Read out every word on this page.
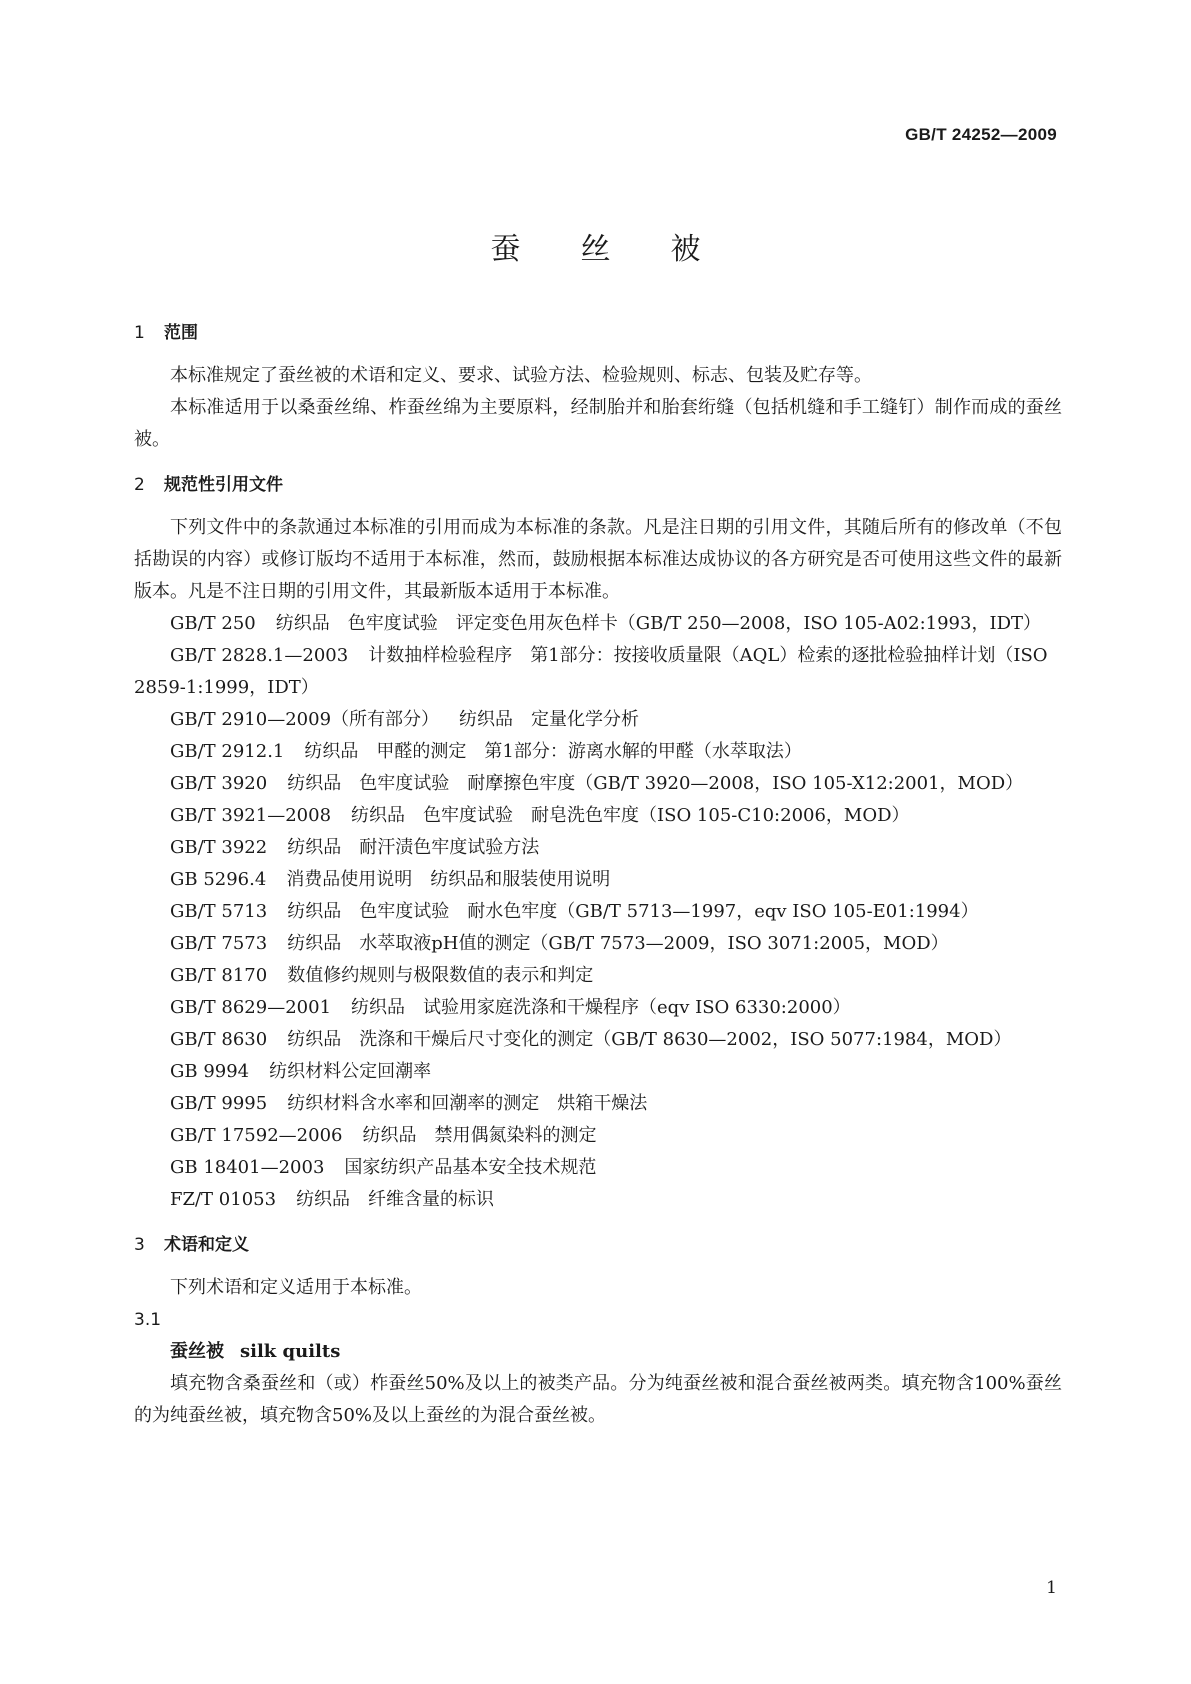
GB/T 24252—2009
蚕丝被
1 范围

本标准规定了蚕丝被的术语和定义、要求、试验方法、检验规则、标志、包装及贮存等。

本标准适用于以桑蚕丝绵、柞蚕丝绵为主要原料，经制胎并和胎套绗缝（包括机缝和手工缝钉）制作而成的蚕丝被。

2 规范性引用文件

下列文件中的条款通过本标准的引用而成为本标准的条款。凡是注日期的引用文件，其随后所有的修改单（不包括勘误的内容）或修订版均不适用于本标准，然而，鼓励根据本标准达成协议的各方研究是否可使用这些文件的最新版本。凡是不注日期的引用文件，其最新版本适用于本标准。

GB/T 250 纺织品　色牢度试验　评定变色用灰色样卡（GB/T 250—2008，ISO 105-A02:1993，IDT）

GB/T 2828.1—2003 计数抽样检验程序　第1部分：按接收质量限（AQL）检索的逐批检验抽样计划（ISO 2859-1:1999，IDT）

GB/T 2910—2009（所有部分） 纺织品　定量化学分析

GB/T 2912.1 纺织品　甲醛的测定　第1部分：游离水解的甲醛（水萃取法）

GB/T 3920 纺织品　色牢度试验　耐摩擦色牢度（GB/T 3920—2008，ISO 105-X12:2001，MOD）

GB/T 3921—2008 纺织品　色牢度试验　耐皂洗色牢度（ISO 105-C10:2006，MOD）

GB/T 3922 纺织品　耐汗渍色牢度试验方法

GB 5296.4 消费品使用说明　纺织品和服装使用说明

GB/T 5713 纺织品　色牢度试验　耐水色牢度（GB/T 5713—1997，eqv ISO 105-E01:1994）

GB/T 7573 纺织品　水萃取液pH值的测定（GB/T 7573—2009，ISO 3071:2005，MOD）

GB/T 8170 数值修约规则与极限数值的表示和判定

GB/T 8629—2001 纺织品　试验用家庭洗涤和干燥程序（eqv ISO 6330:2000）

GB/T 8630 纺织品　洗涤和干燥后尺寸变化的测定（GB/T 8630—2002，ISO 5077:1984，MOD）

GB 9994 纺织材料公定回潮率

GB/T 9995 纺织材料含水率和回潮率的测定　烘箱干燥法

GB/T 17592—2006 纺织品　禁用偶氮染料的测定

GB 18401—2003 国家纺织产品基本安全技术规范

FZ/T 01053 纺织品　纤维含量的标识

3 术语和定义

下列术语和定义适用于本标准。

3.1
蚕丝被 silk quilts

填充物含桑蚕丝和（或）柞蚕丝50%及以上的被类产品。分为纯蚕丝被和混合蚕丝被两类。填充物含100%蚕丝的为纯蚕丝被，填充物含50%及以上蚕丝的为混合蚕丝被。

1
